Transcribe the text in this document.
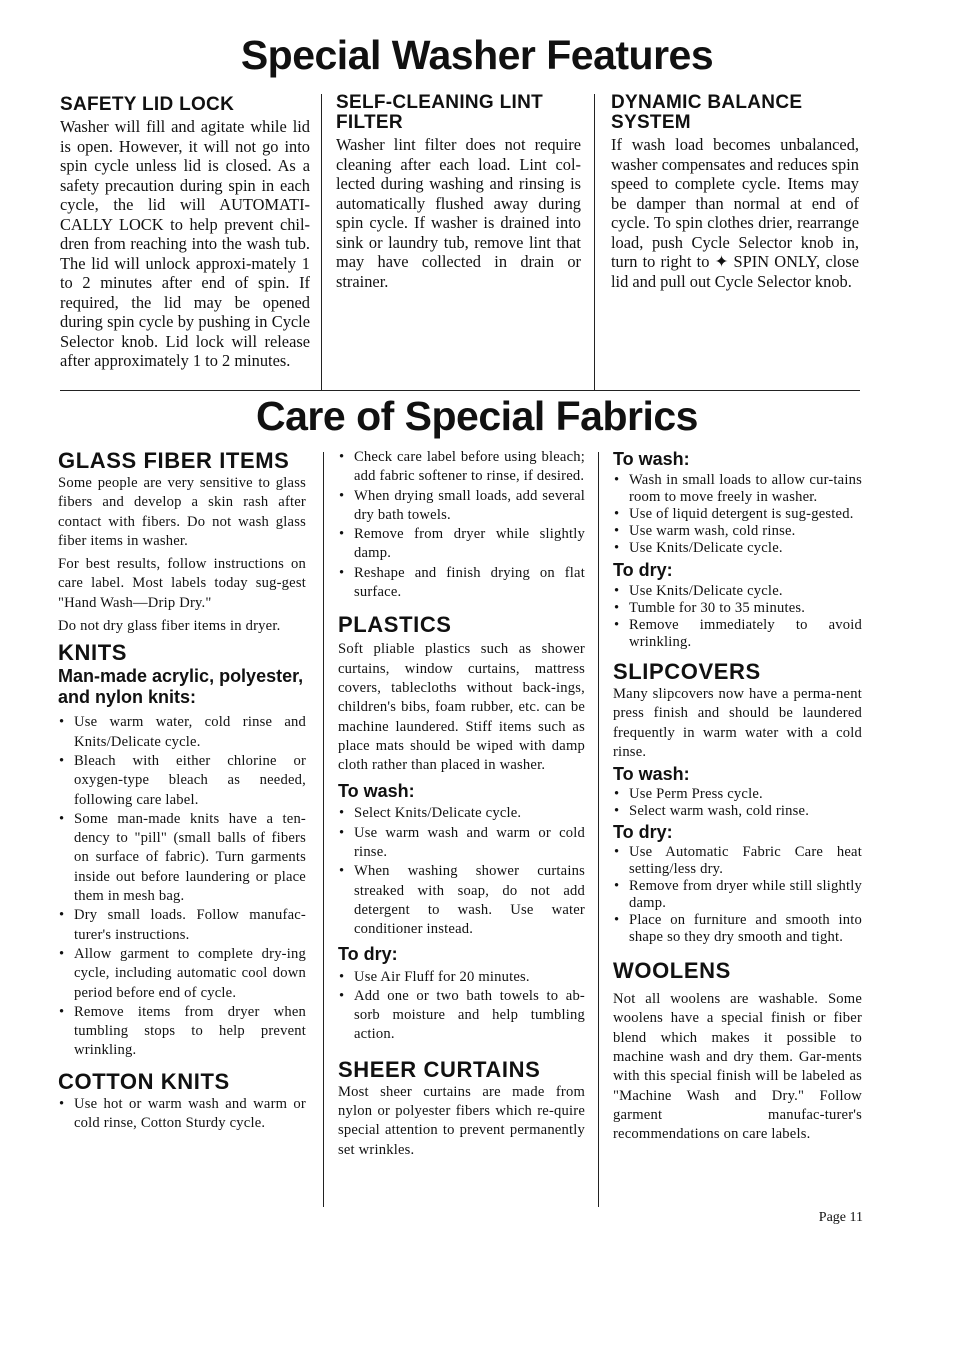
Special Washer Features
SAFETY LID LOCK
Washer will fill and agitate while lid is open. However, it will not go into spin cycle unless lid is closed. As a safety precaution during spin in each cycle, the lid will AUTOMATI-CALLY LOCK to help prevent chil-dren from reaching into the wash tub. The lid will unlock approxi-mately 1 to 2 minutes after end of spin. If required, the lid may be opened during spin cycle by pushing in Cycle Selector knob. Lid lock will release after approximately 1 to 2 minutes.
SELF-CLEANING LINT FILTER
Washer lint filter does not require cleaning after each load. Lint col-lected during washing and rinsing is automatically flushed away during spin cycle. If washer is drained into sink or laundry tub, remove lint that may have collected in drain or strainer.
DYNAMIC BALANCE SYSTEM
If wash load becomes unbalanced, washer compensates and reduces spin speed to complete cycle. Items may be damper than normal at end of cycle. To spin clothes drier, rearrange load, push Cycle Selector knob in, turn to right to ✦ SPIN ONLY, close lid and pull out Cycle Selector knob.
Care of Special Fabrics
GLASS FIBER ITEMS

Some people are very sensitive to glass fibers and develop a skin rash after contact with fibers. Do not wash glass fiber items in washer.

For best results, follow instructions on care label. Most labels today sug-gest "Hand Wash—Drip Dry."

Do not dry glass fiber items in dryer.

KNITS
Man-made acrylic, polyester, and nylon knits:
• Use warm water, cold rinse and Knits/Delicate cycle.
• Bleach with either chlorine or oxygen-type bleach as needed, following care label.
• Some man-made knits have a ten-dency to "pill" (small balls of fibers on surface of fabric). Turn garments inside out before laundering or place them in mesh bag.
• Dry small loads. Follow manufac-turer's instructions.
• Allow garment to complete dry-ing cycle, including automatic cool down period before end of cycle.
• Remove items from dryer when tumbling stops to help prevent wrinkling.
COTTON KNITS
• Use hot or warm wash and warm or cold rinse, Cotton Sturdy cycle.
• Check care label before using bleach; add fabric softener to rinse, if desired.
• When drying small loads, add several dry bath towels.
• Remove from dryer while slightly damp.
• Reshape and finish drying on flat surface.
PLASTICS
Soft pliable plastics such as shower curtains, window curtains, mattress covers, tablecloths without back-ings, children's bibs, foam rubber, etc. can be machine laundered. Stiff items such as place mats should be wiped with damp cloth rather than placed in washer.
To wash:
• Select Knits/Delicate cycle.
• Use warm wash and warm or cold rinse.
• When washing shower curtains streaked with soap, do not add detergent to wash. Use water conditioner instead.
To dry:
• Use Air Fluff for 20 minutes.
• Add one or two bath towels to ab-sorb moisture and help tumbling action.
SHEER CURTAINS
Most sheer curtains are made from nylon or polyester fibers which re-quire special attention to prevent permanently set wrinkles.
To wash:
• Wash in small loads to allow cur-tains room to move freely in washer.
• Use of liquid detergent is sug-gested.
• Use warm wash, cold rinse.
• Use Knits/Delicate cycle.
To dry:
• Use Knits/Delicate cycle.
• Tumble for 30 to 35 minutes.
• Remove immediately to avoid wrinkling.
SLIPCOVERS
Many slipcovers now have a perma-nent press finish and should be laundered frequently in warm water with a cold rinse.
To wash:
• Use Perm Press cycle.
• Select warm wash, cold rinse.
To dry:
• Use Automatic Fabric Care heat setting/less dry.
• Remove from dryer while still slightly damp.
• Place on furniture and smooth into shape so they dry smooth and tight.
WOOLENS
Not all woolens are washable. Some woolens have a special finish or fiber blend which makes it possible to machine wash and dry them. Gar-ments with this special finish will be labeled as "Machine Wash and Dry." Follow garment manufac-turer's recommendations on care labels.
Page 11
